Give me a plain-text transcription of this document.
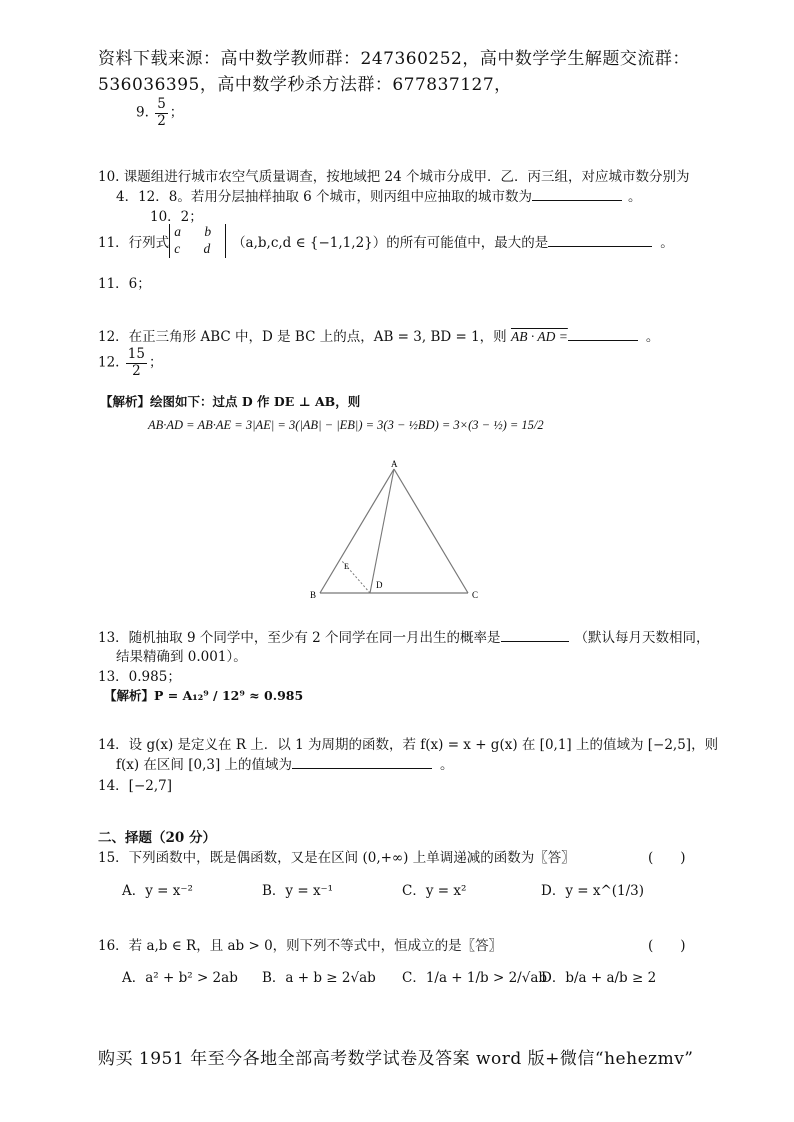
资料下载来源：高中数学教师群：247360252，高中数学学生解题交流群：
536036395，高中数学秒杀方法群：677837127，
9. $\frac{5}{2}$ ；
10. 课题组进行城市农空气质量调查，按地域把 24 个城市分成甲．乙．丙三组，对应城市数分别为
4．12．8。若用分层抽样抽取 6 个城市，则丙组中应抽取的城市数为	。
10．2；
11．行列式
a b
c d （a,b,c,d ∈ {−1,1,2}）的所有可能值中，最大的是	。
11．6；
12．在正三角形 ABC 中，D 是 BC 上的点，AB = 3, BD = 1，则 AB · AD =	。
12. $\frac{15}{2}$ ；
【解析】绘图如下：过点 D 作 DE ⊥ AB，则
AB·AD = AB·AE = 3|AE| = 3(|AB| − |EB|) = 3(3 − ½BD) = 3×(3 − ½) = 15/2
A
B	C
D
E
13．随机抽取 9 个同学中，至少有 2 个同学在同一月出生的概率是	（默认每月天数相同，
结果精确到 0.001）。
13．0.985；
【解析】P = A₁₂⁹ / 12⁹ ≈ 0.985
14．设 g(x) 是定义在 R 上．以 1 为周期的函数，若 f(x) = x + g(x) 在 [0,1] 上的值域为 [−2,5]，则
f(x) 在区间 [0,3] 上的值域为	。
14．[−2,7]
二、择题（20 分）
15．下列函数中，既是偶函数，又是在区间 (0,+∞) 上单调递减的函数为〖答〗	(　　)
A．y = x⁻²	B．y = x⁻¹	C．y = x²	D．y = x^(1/3)
16．若 a,b ∈ R，且 ab > 0，则下列不等式中，恒成立的是〖答〗	(　　)
A．a² + b² > 2ab B．a + b ≥ 2√ab C．1/a + 1/b > 2/√ab
D．b/a + a/b ≥ 2
购买 1951 年至今各地全部高考数学试卷及答案 word 版+微信“hehezmv”
